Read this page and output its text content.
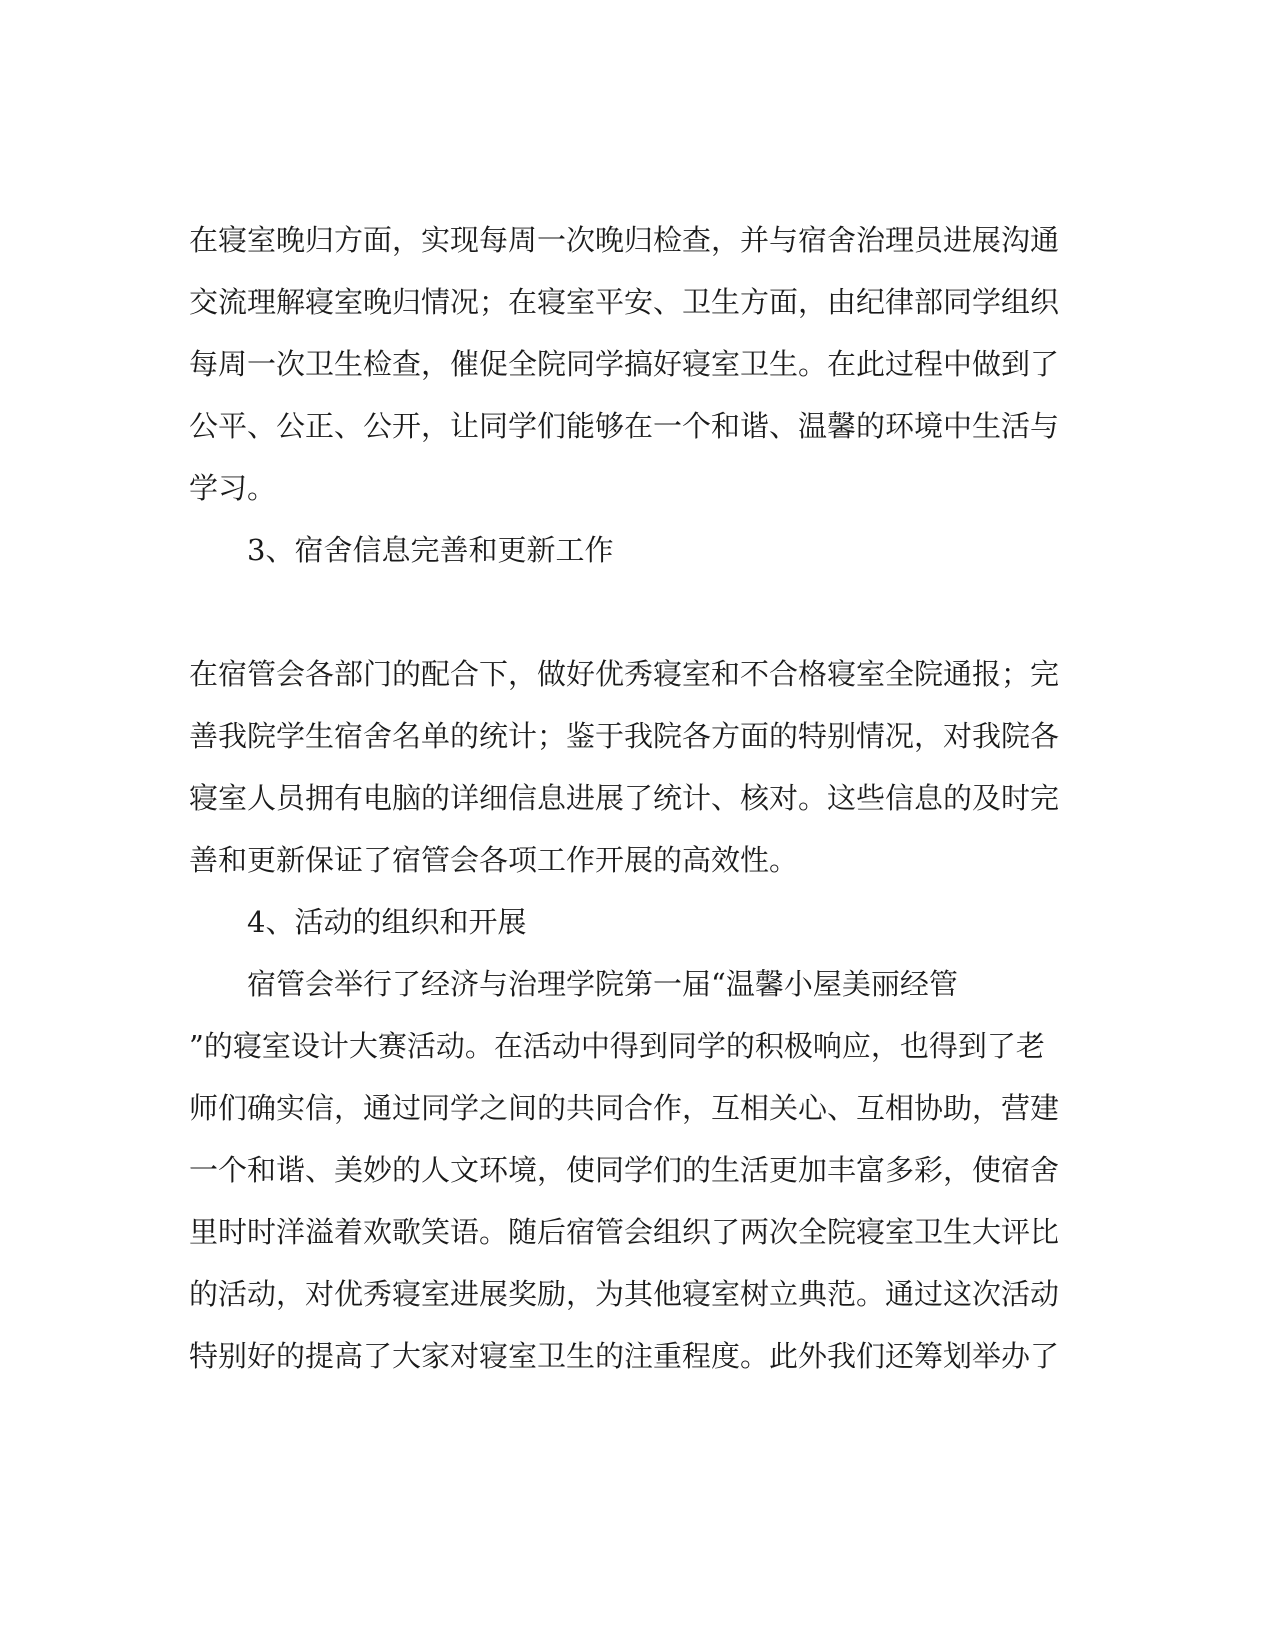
在寝室晚归方面，实现每周一次晚归检查，并与宿舍治理员进展沟通
交流理解寝室晚归情况；在寝室平安、卫生方面，由纪律部同学组织
每周一次卫生检查，催促全院同学搞好寝室卫生。在此过程中做到了
公平、公正、公开，让同学们能够在一个和谐、温馨的环境中生活与
学习。
3、宿舍信息完善和更新工作
在宿管会各部门的配合下，做好优秀寝室和不合格寝室全院通报；完
善我院学生宿舍名单的统计；鉴于我院各方面的特别情况，对我院各
寝室人员拥有电脑的详细信息进展了统计、核对。这些信息的及时完
善和更新保证了宿管会各项工作开展的高效性。
4、活动的组织和开展
宿管会举行了经济与治理学院第一届“温馨小屋美丽经管
”的寝室设计大赛活动。在活动中得到同学的积极响应，也得到了老
师们确实信，通过同学之间的共同合作，互相关心、互相协助，营建
一个和谐、美妙的人文环境，使同学们的生活更加丰富多彩，使宿舍
里时时洋溢着欢歌笑语。随后宿管会组织了两次全院寝室卫生大评比
的活动，对优秀寝室进展奖励，为其他寝室树立典范。通过这次活动
特别好的提高了大家对寝室卫生的注重程度。此外我们还筹划举办了
